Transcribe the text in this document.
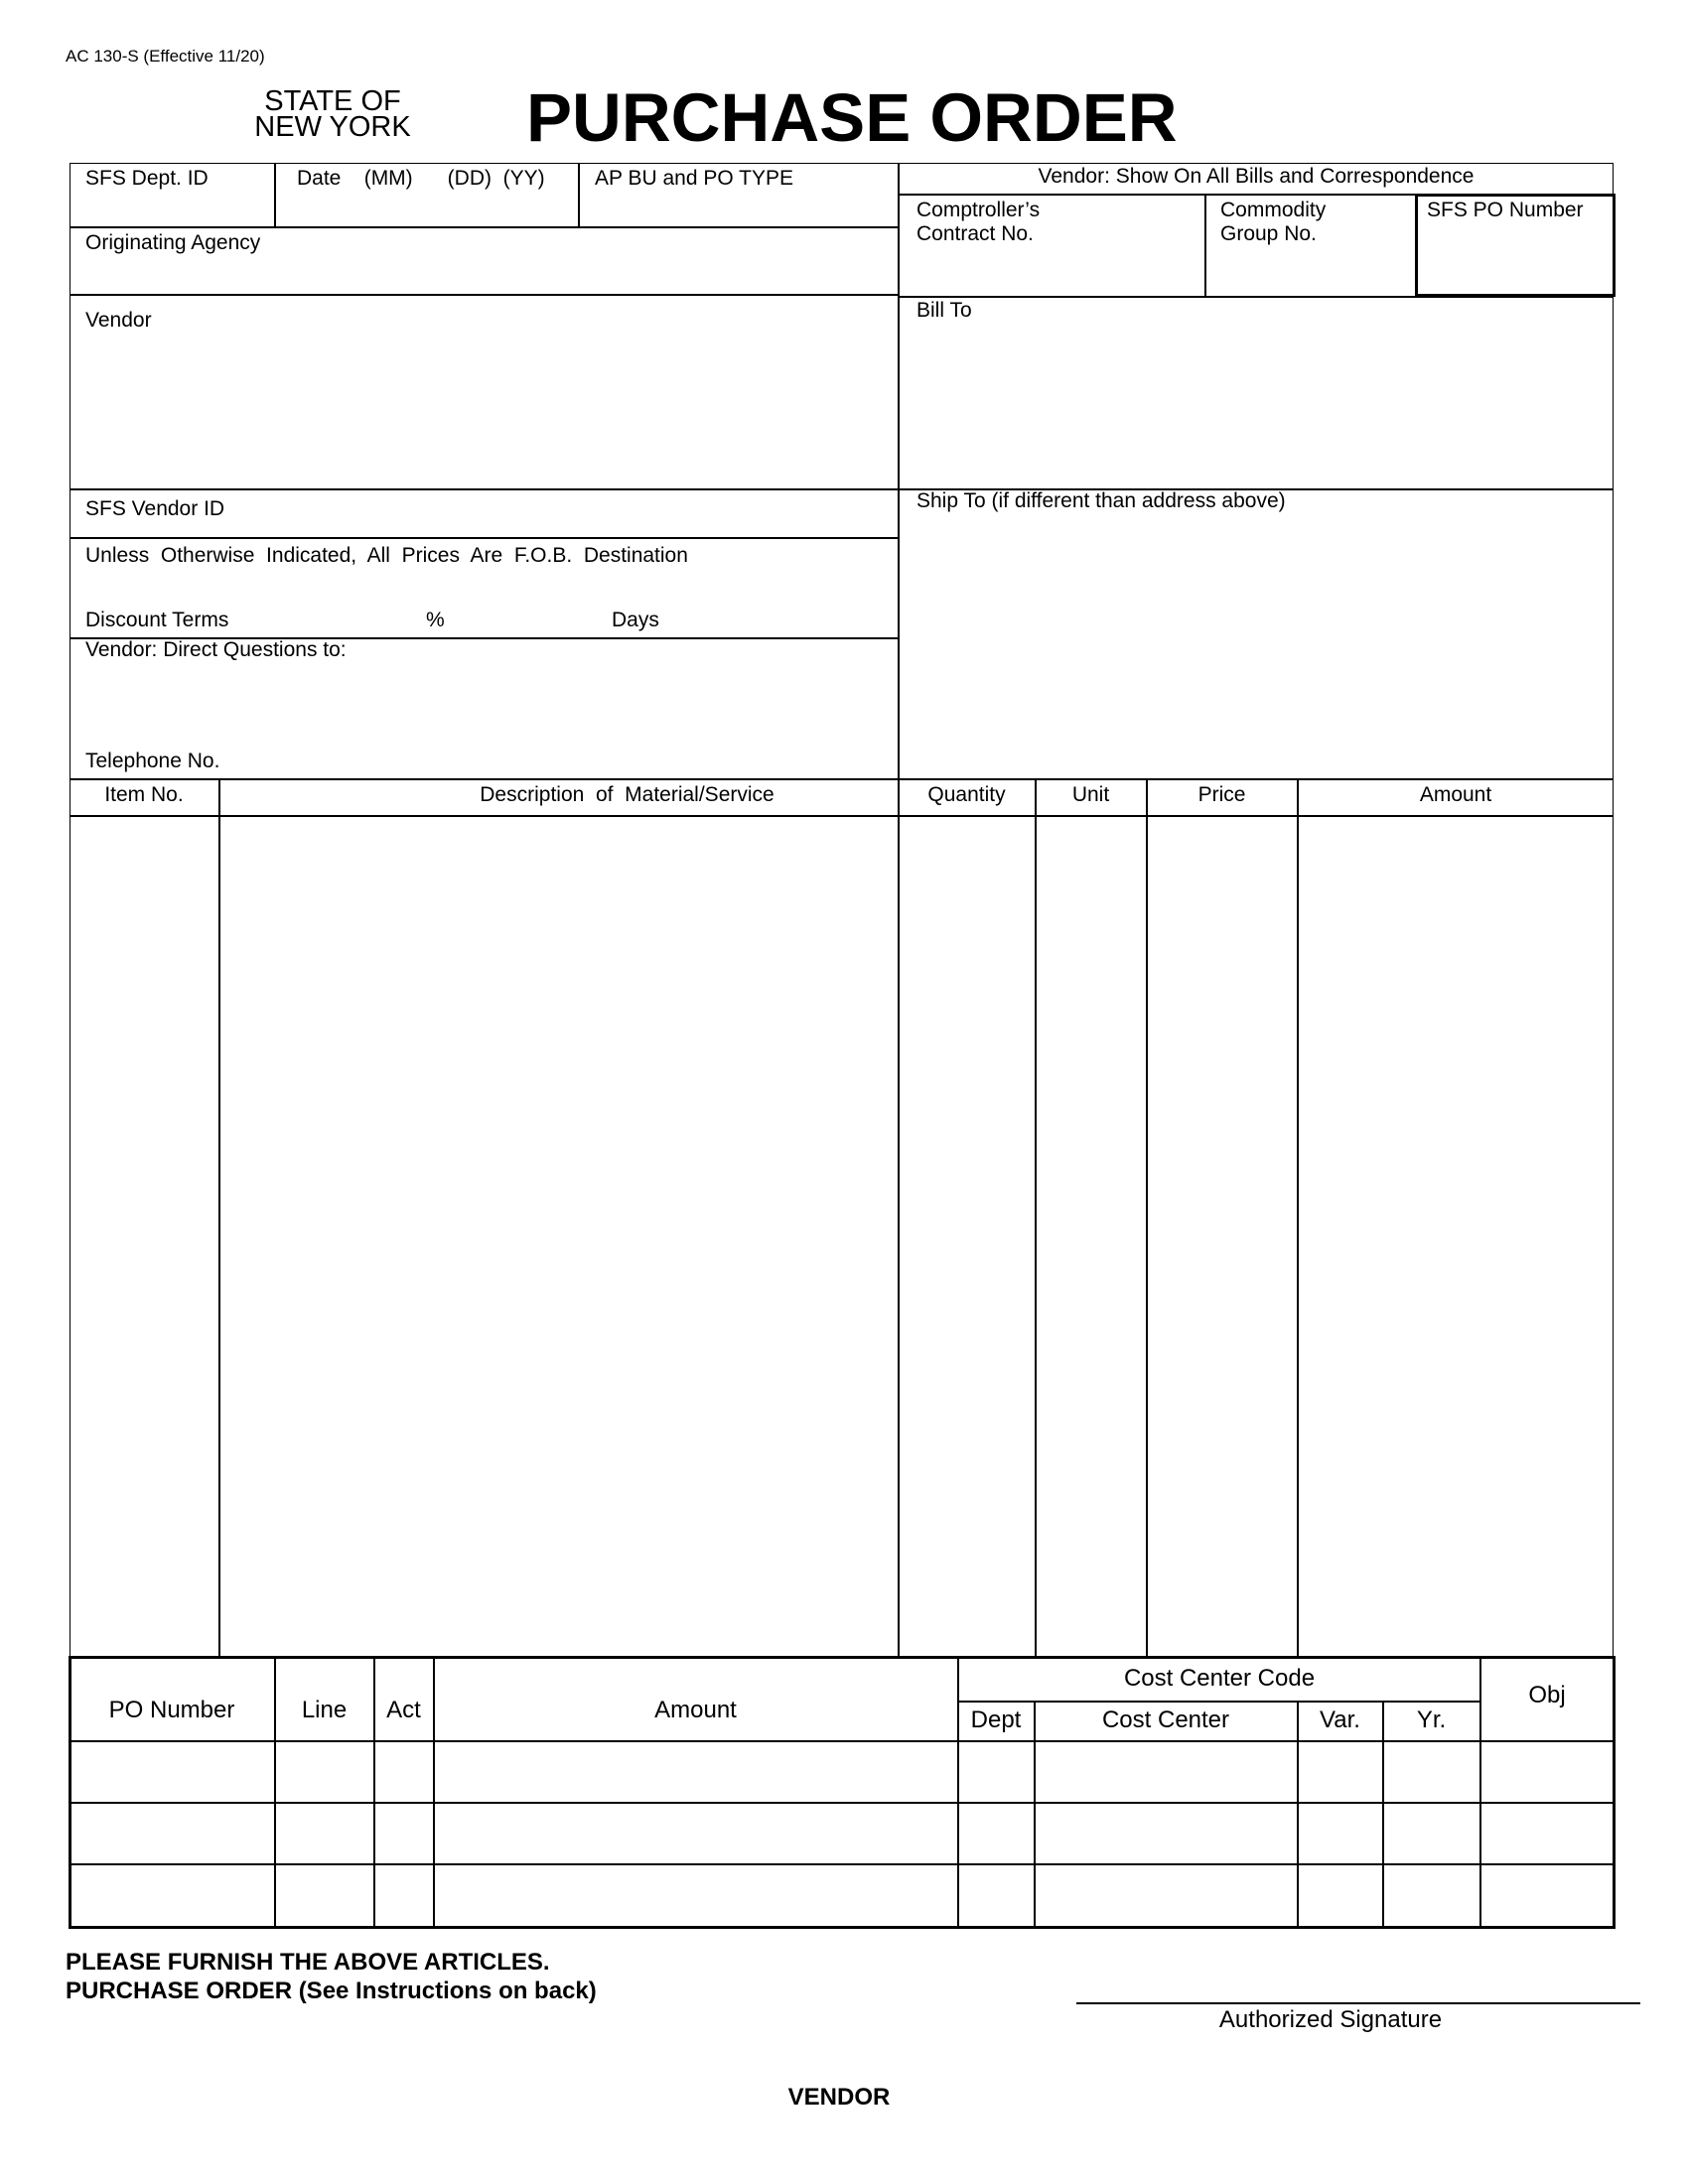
AC 130-S (Effective 11/20)
STATE OF
NEW YORK	PURCHASE ORDER
SFS Dept. ID	Date    (MM)      (DD)  (YY) AP BU and PO TYPE
Originating Agency
Vendor: Show On All Bills and Correspondence
Comptroller’s
Contract No.
Commodity
Group No.
SFS PO Number
Vendor	Bill To
SFS Vendor ID	Ship To (if different than address above)
Unless  Otherwise  Indicated,  All  Prices  Are  F.O.B.  Destination
Discount Terms	%	Days
Vendor: Direct Questions to:
Telephone No.
Item No.	Description  of  Material/Service	Quantity	Unit	Price	Amount
PO Number	Line	Act	Amount
Cost Center Code
Dept	Cost Center	Var.	Yr.
Obj
PLEASE FURNISH THE ABOVE ARTICLES.
PURCHASE ORDER (See Instructions on back)
Authorized Signature
VENDOR
